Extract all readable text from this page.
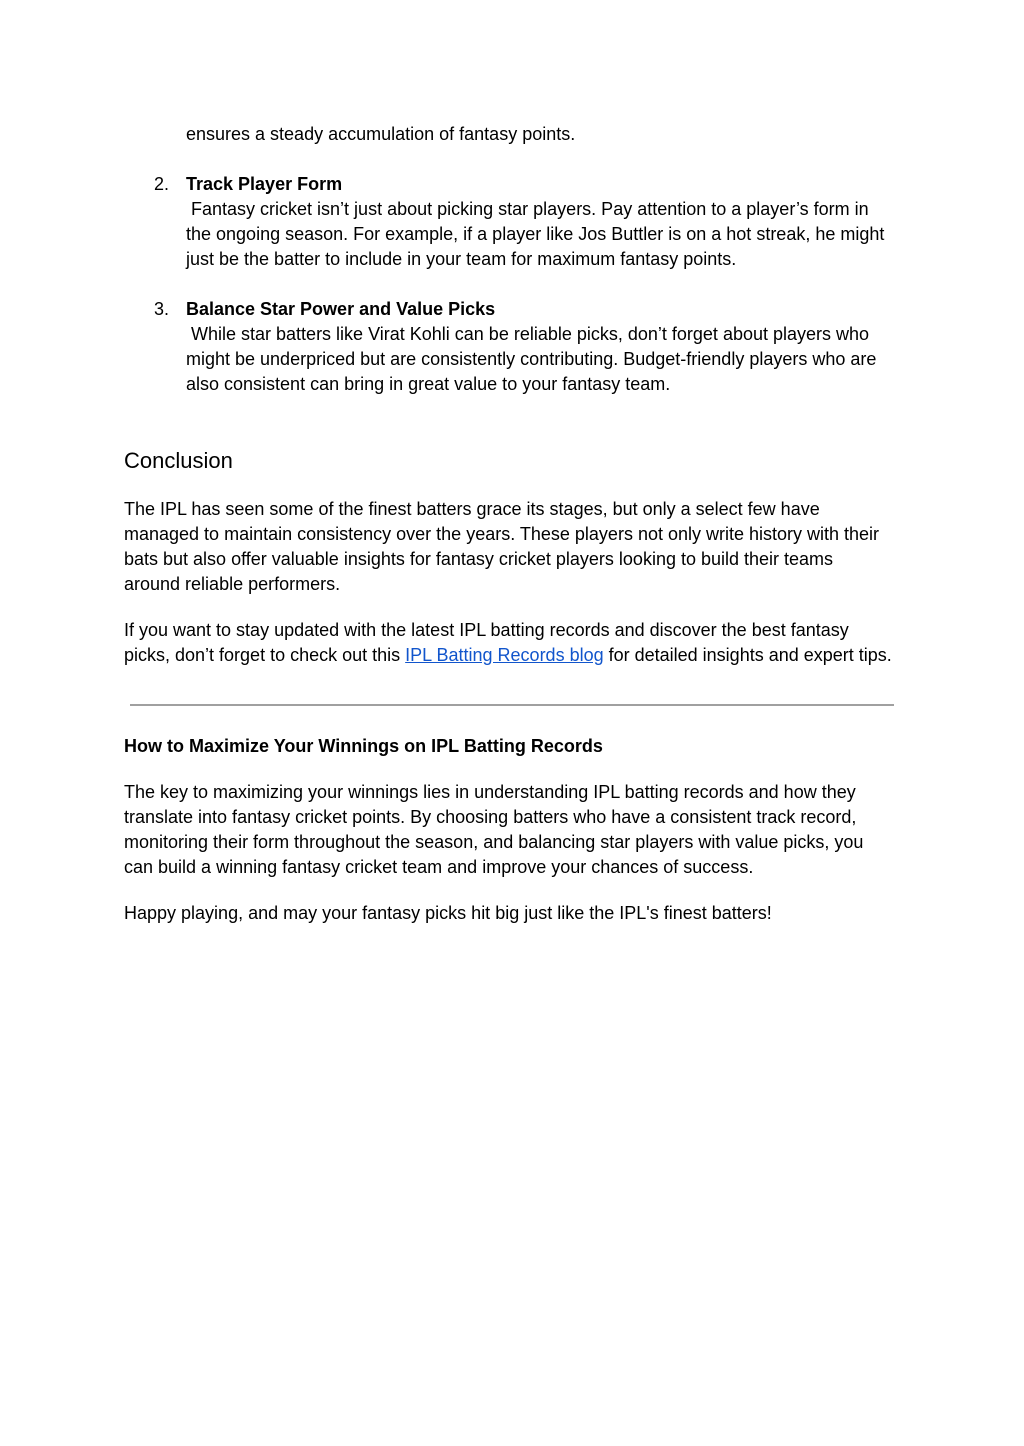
ensures a steady accumulation of fantasy points.

2. Track Player Form
Fantasy cricket isn’t just about picking star players. Pay attention to a player’s form in the ongoing season. For example, if a player like Jos Buttler is on a hot streak, he might just be the batter to include in your team for maximum fantasy points.
3. Balance Star Power and Value Picks
While star batters like Virat Kohli can be reliable picks, don’t forget about players who might be underpriced but are consistently contributing. Budget-friendly players who are also consistent can bring in great value to your fantasy team.
Conclusion

The IPL has seen some of the finest batters grace its stages, but only a select few have managed to maintain consistency over the years. These players not only write history with their bats but also offer valuable insights for fantasy cricket players looking to build their teams around reliable performers.

If you want to stay updated with the latest IPL batting records and discover the best fantasy picks, don’t forget to check out this IPL Batting Records blog for detailed insights and expert tips.

How to Maximize Your Winnings on IPL Batting Records

The key to maximizing your winnings lies in understanding IPL batting records and how they translate into fantasy cricket points. By choosing batters who have a consistent track record, monitoring their form throughout the season, and balancing star players with value picks, you can build a winning fantasy cricket team and improve your chances of success.

Happy playing, and may your fantasy picks hit big just like the IPL's finest batters!
